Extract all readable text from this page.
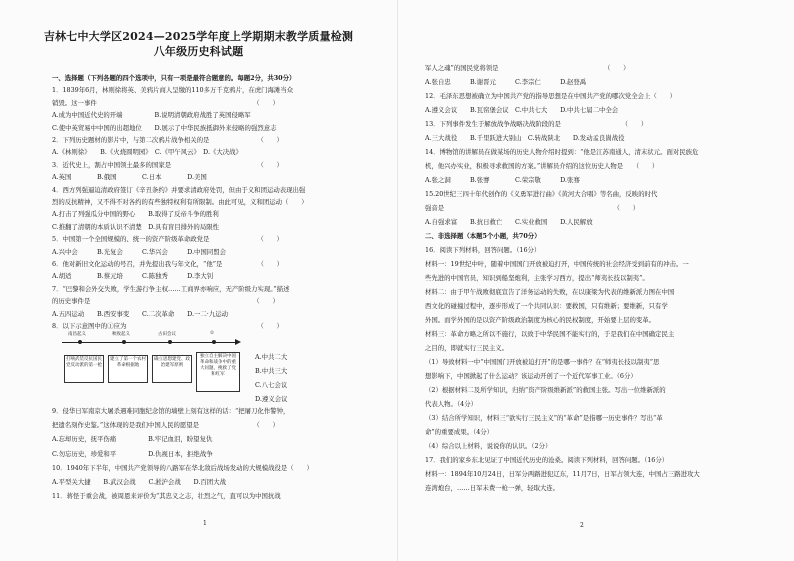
吉林七中大学区2024—2025学年度上学期期末教学质量检测
八年级历史科试题
一、选择题（下列各题的四个选项中，只有一项是最符合题意的。每题2分，共30分）
1．1839年6月，林则徐将英、美鸦片商人呈缴的110多万千克鸦片，在虎门海滩当众
销毁。这一事件　　　　　　　　　　　　　　　　　　　　　　　　　（　　）
A.成为中国近代史的开端　　　　　B.说明清朝政府战胜了英国侵略军
C.使中英贸易中中国的出超地位　　D.展示了中华民族抵御外来侵略的强烈意志
2．下列历史题材的影片中，与第二次鸦片战争相关的是　　　　　　　　（　　）
A.《林则徐》　　B.《火烧圆明园》　C.《甲午风云》　D.《大决战》
3．近代史上，割占中国领土最多的国家是　　　　　　　　　　　　　　（　　）
A.英国　　　　B.俄国　　　　C.日本　　　　D.美国
4．西方列强逼迫清政府签订《辛丑条约》并要求清政府处罚，但由于义和团运动表现出强
烈的反抗精神，又不得不对各约的有些独特权利有所限制。由此可见，义和团运动（　　）
A.打击了列强瓜分中国的野心　　B.取得了反帝斗争的胜利
C.推翻了清朝的本质认识不清楚　D.具有盲目排外的局限性
5．中国第一个全国规模的、统一的资产阶级革命政党是　　　　　　　　（　　）
A.兴中会　　　B.光复会　　　C.华兴会　　　D.中国同盟会
6．他对新旧文化运动的号召，并先提出我与年文化，“他”是　　　　　　（　　）
A.胡适　　　　B.蔡元培　　　C.陈独秀　　　D.李大钊
7．“巴黎和会外交失败，学生游行争主权……工商界亦响应，无产阶级力实现。”描述
的历史事件是　　　　　　　　　　　　　　　　　　　　　　　　　　（　　）
A.五四运动　　B.西安事变　　C.二次革命　　D.一二·九运动
8．以下示意图中的①应为　　　　　　　　　　　　　　　　　　　　　（　　）
9．侵华日军南京大屠杀遇难同胞纪念馆的墙壁上刻有这样的话：“把屠刀化作警钟，
把遗名刻作史鉴。”这体现的是我们中国人民的愿望是　　　　　　　　　（　　）
A.忘却历史，抚平伤痛　　　　　B.牢记血泪，盼望复仇
C.勿忘历史，珍爱和平　　　　　D.仇视日本，拒绝战争
10．1940年下半年，中国共产党领导的八路军在华北敌后战场发动的大规模战役是（　　）
A.平型关大捷　　B.武汉会战　　C.淞沪会战　　D.百团大战
11．蒋怪于重会战，被周恩来评价为“其忠义之志，壮烈之气，直可以为中国抗战
南昌起义	秋收起义	古田会议	①
打响武装反抗国民党反动派的第一枪
建立了第一个农村革命根据地
确立思想建党、政治建军原则
独立自主解决中国革命和战争中的重大问题，挽救了党和红军
A.中共二大
B.中共三大
C.八七会议
D.遵义会议
军人之魂”的国民党将领是　　　　　　　　　　　　　　　　　（　　）
A.张自忠　　　B.谢晋元　　　C.李宗仁　　　D.赵登禹
12．毛泽东思想被确立为中国共产党的指导思想是在中国共产党的哪次党全会上（　　）
A.遵义会议　　B.瓦窑堡会议　C.中共七大　　D.中共七届二中全会
13．下列事件发生于解放战争战略决战阶段的是　　　　　　　　　　（　　）
A.三大战役　　B.千里跃进大别山　C.转战陕北　　D.发动孟良崮战役
14．博物馆的讲解员在做某场的历史人物介绍时提到：“他是江苏南通人，清末状元。面对民族危
机，他兴办实业，积极寻求救国的方案。”讲解员介绍的这位历史人物是　　（　　）
A.张之洞　　　B.张謇　　　　C.荣宗敬　　　D.张骞
15.20世纪三四十年代创作的《义勇军进行曲》《黄河大合唱》等名曲，反映的时代
强音是　　　　　　　　　　　　　　　　　　　　　　　　　　　（　　）
A.自强求富　　B.抗日救亡　　C.实业救国　　D.人民解放
二、非选择题（本题5个小题，共70分）
16．阅读下列材料，回答问题。（16分）
材料一：19世纪中叶，随着中国国门开放被迫打开，中国传统的社会经济受到前有的冲击。一
些先进的中国官员，知识到船坚炮利，主张学习西方，提出“师夷长技以制夷”。
材料二：由于甲午战败彻底宣告了洋务运动的失败，在以康梁为代表的维新派力图在中国
西文化的碰撞过程中，逐步形成了一个共同认识：要救国，只有维新；要维新，只有学
外国。而学外国的是以资产阶级政治制度为核心的民权制度，开始要上层的变革。
材料三：革命方略之所以不施行，以致于中华民国不能实行的，于是我们在中国确定民主
之目的，即就实行三民主义。
（1）导致材料一中“中国国门开放被迫打开”的是哪一事件？在“师夷长技以制夷”思
想影响下，中国掀起了什么运动？该运动开创了一个近代军事工业。（6分）
（2）根据材料二及所学知识，归纳“资产阶级维新派”的救国主张。写出一位维新派的
代表人物。（4分）
（3）结合所学知识，材料三“欲实行三民主义”的“革命”是指哪一历史事件？写出“革
命”的重要成果。（4分）
（4）综合以上材料，说说你的认识。（2分）
17．我们的家乡东北见证了中国近代历史的沧桑。阅读下列材料，回答问题。（16分）
材料一：1894年10月24日，日军分两路进犯辽东，11月7日，日军占领大连，中国占三路进攻大
连湾炮台，……日军未费一枪一弹，轻取大连。
1	2
